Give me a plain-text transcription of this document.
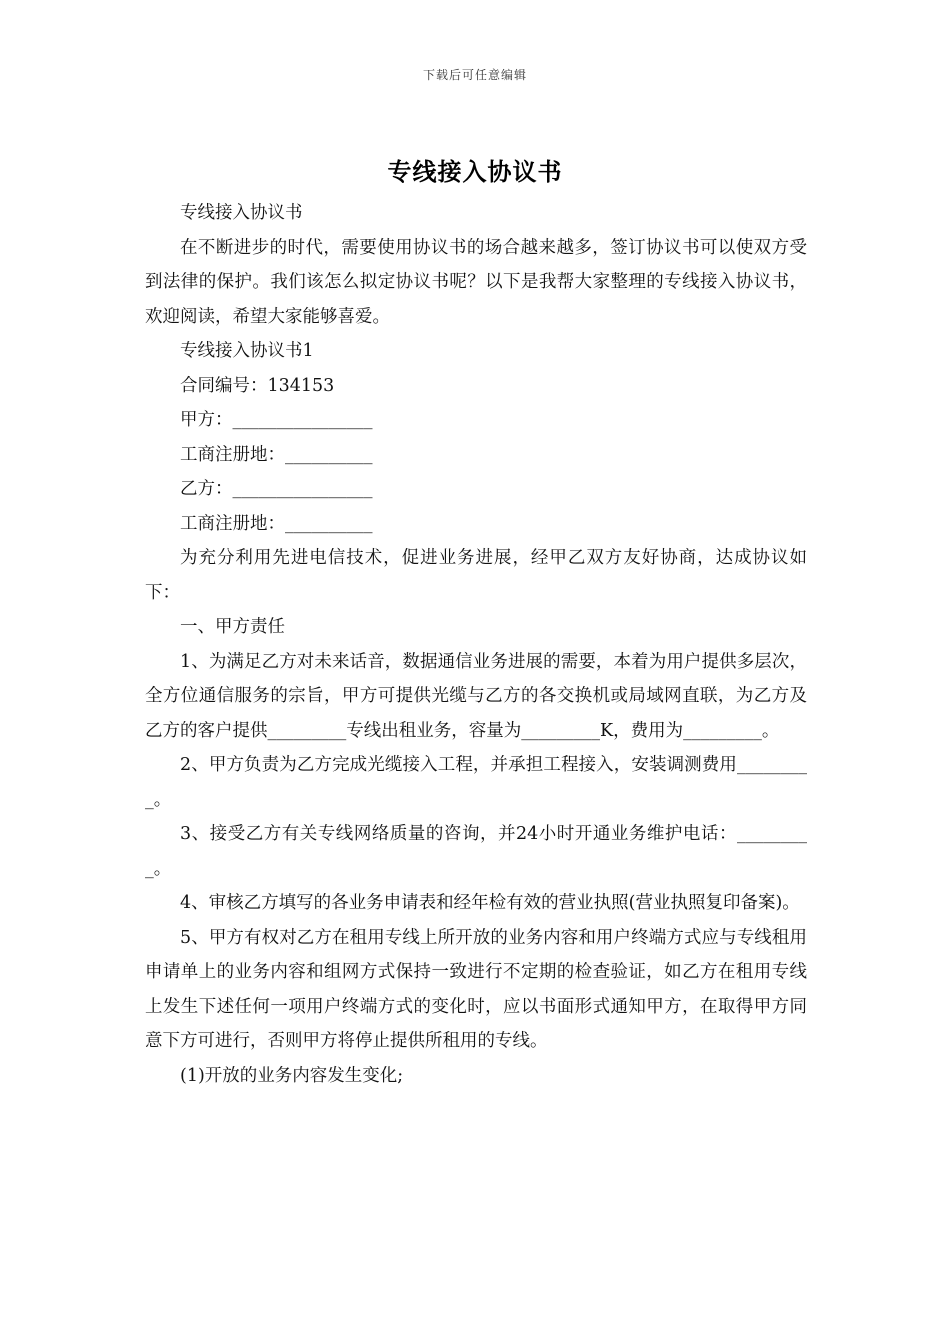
下载后可任意编辑
专线接入协议书

专线接入协议书

在不断进步的时代，需要使用协议书的场合越来越多，签订协议书可以使双方受到法律的保护。我们该怎么拟定协议书呢？以下是我帮大家整理的专线接入协议书，欢迎阅读，希望大家能够喜爱。

专线接入协议书1

合同编号：134153

甲方：________________

工商注册地：__________

乙方：________________

工商注册地：__________

为充分利用先进电信技术，促进业务进展，经甲乙双方友好协商，达成协议如下：

一、甲方责任

1、为满足乙方对未来话音，数据通信业务进展的需要，本着为用户提供多层次，全方位通信服务的宗旨，甲方可提供光缆与乙方的各交换机或局域网直联，为乙方及乙方的客户提供_________专线出租业务，容量为_________K，费用为_________。

2、甲方负责为乙方完成光缆接入工程，并承担工程接入，安装调测费用_________。

3、接受乙方有关专线网络质量的咨询，并24小时开通业务维护电话：_________。

4、审核乙方填写的各业务申请表和经年检有效的营业执照(营业执照复印备案)。

5、甲方有权对乙方在租用专线上所开放的业务内容和用户终端方式应与专线租用申请单上的业务内容和组网方式保持一致进行不定期的检查验证，如乙方在租用专线上发生下述任何一项用户终端方式的变化时，应以书面形式通知甲方，在取得甲方同意下方可进行，否则甲方将停止提供所租用的专线。

(1)开放的业务内容发生变化;
